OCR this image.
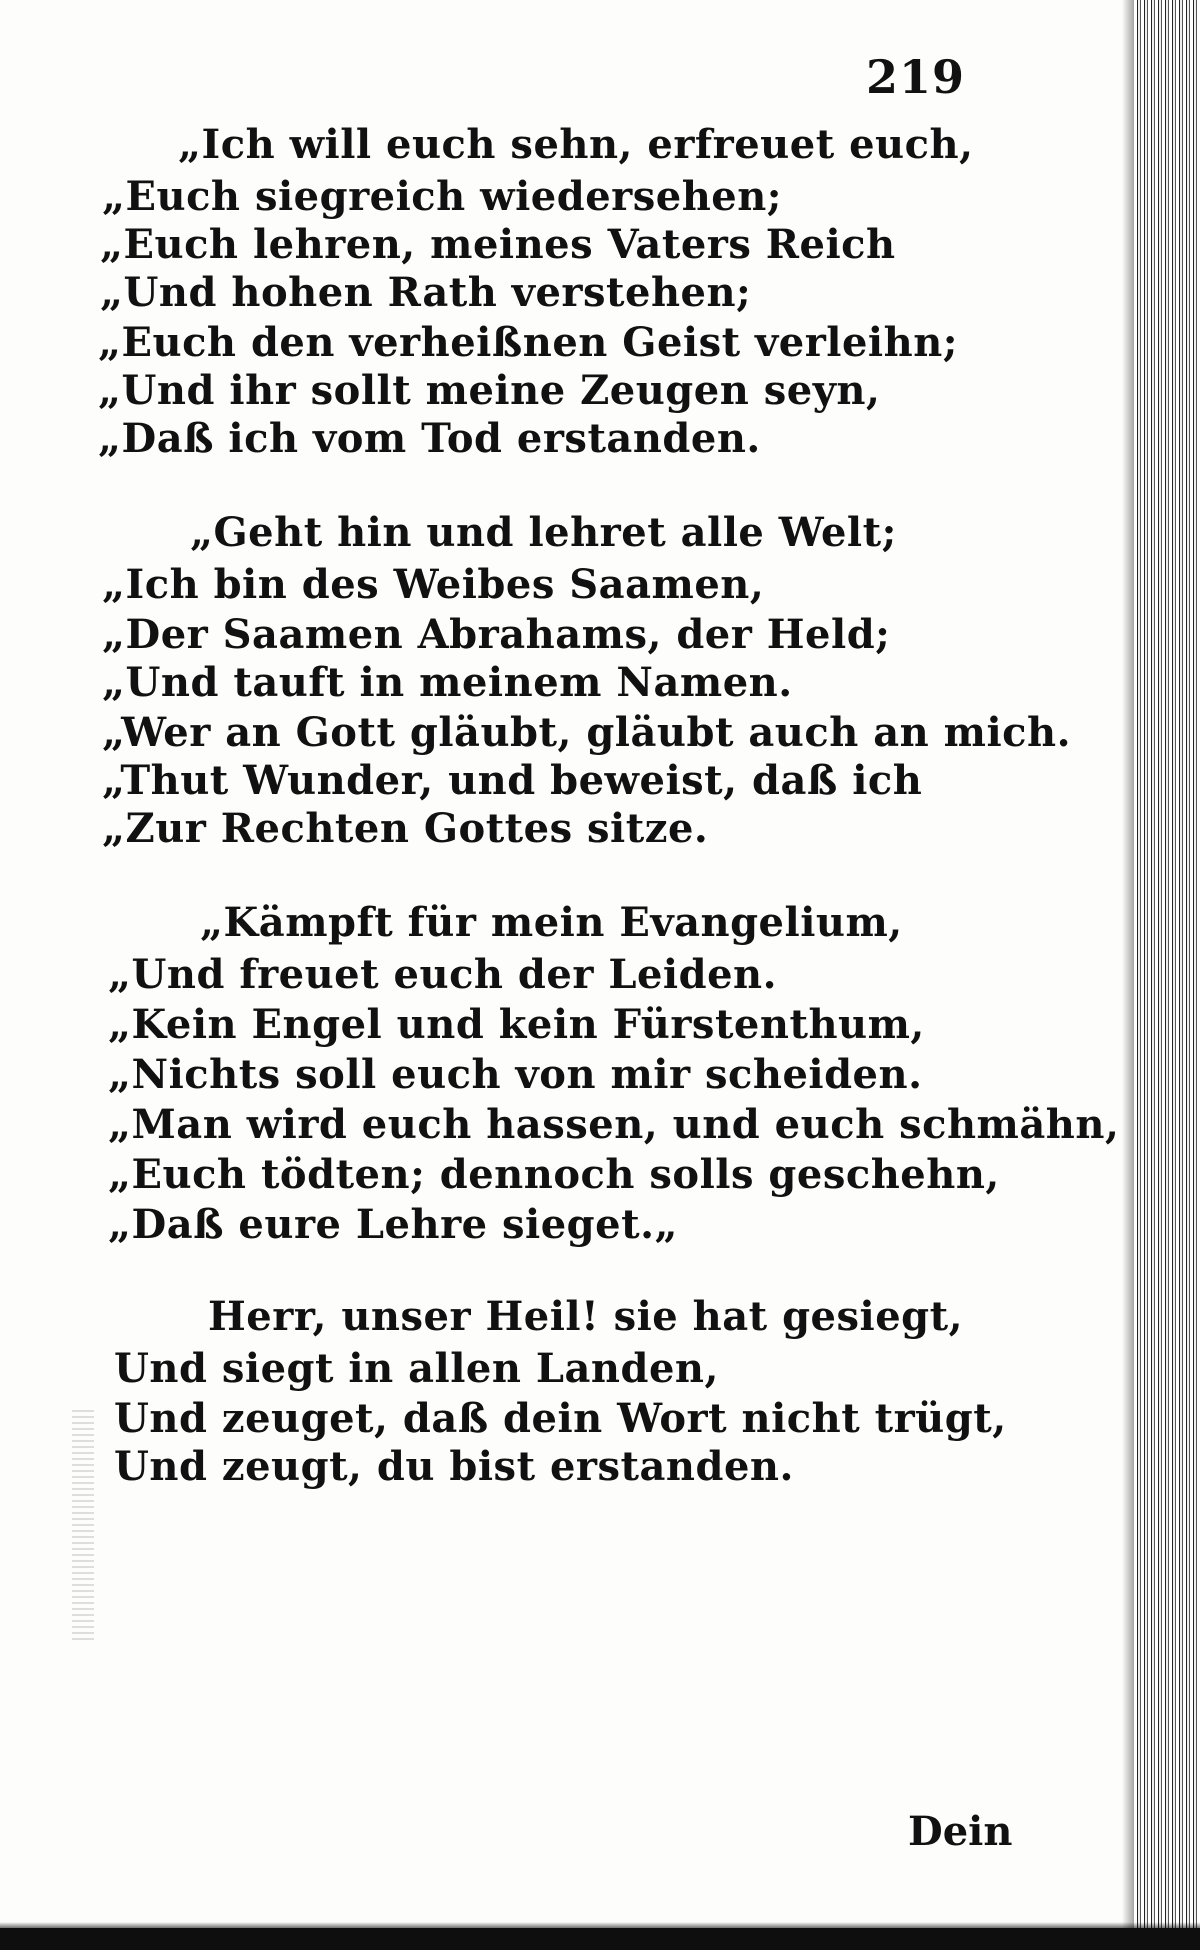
219
„Ich will euch sehn, erfreuet euch,
„Euch siegreich wiedersehen;
„Euch lehren, meines Vaters Reich
„Und hohen Rath verstehen;
„Euch den verheißnen Geist verleihn;
„Und ihr sollt meine Zeugen seyn,
„Daß ich vom Tod erstanden.
„Geht hin und lehret alle Welt;
„Ich bin des Weibes Saamen,
„Der Saamen Abrahams, der Held;
„Und tauft in meinem Namen.
„Wer an Gott gläubt, gläubt auch an mich.
„Thut Wunder, und beweist, daß ich
„Zur Rechten Gottes sitze.
„Kämpft für mein Evangelium,
„Und freuet euch der Leiden.
„Kein Engel und kein Fürstenthum,
„Nichts soll euch von mir scheiden.
„Man wird euch hassen, und euch schmähn,
„Euch tödten; dennoch solls geschehn,
„Daß eure Lehre sieget.„
Herr, unser Heil! sie hat gesiegt,
Und siegt in allen Landen,
Und zeuget, daß dein Wort nicht trügt,
Und zeugt, du bist erstanden.
Dein
